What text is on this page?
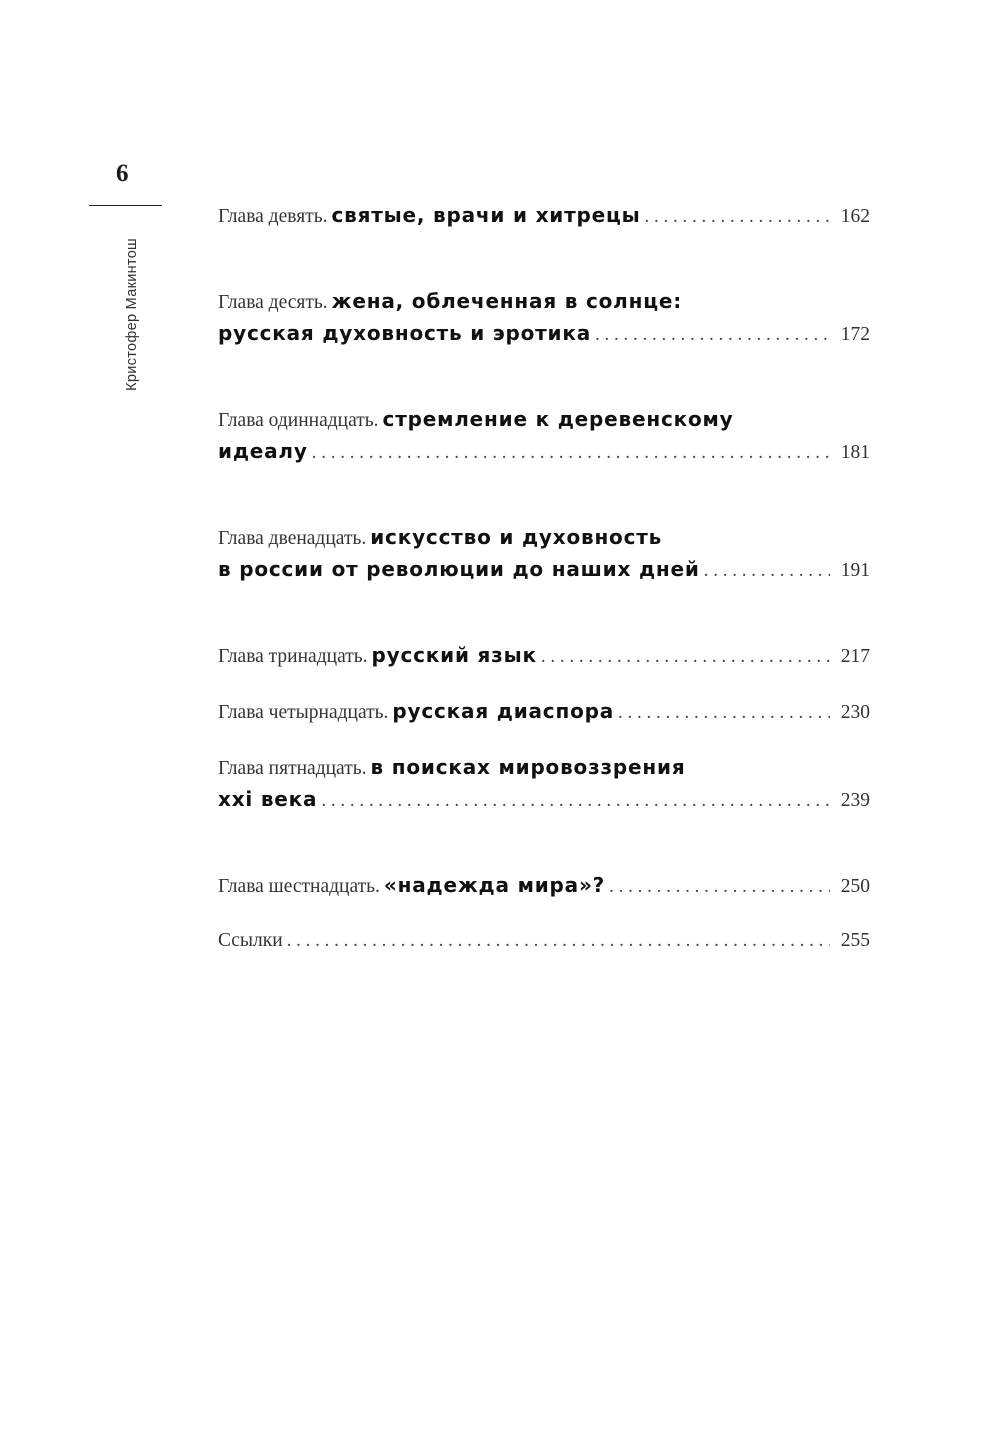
6
Кристофер Макинтош
Глава девять.
святые, врачи и хитрецы . . .	162
Глава десять.
жена, облеченная в солнце:
русская духовность и эротика . . .	172
Глава одиннадцать.
стремление к деревенскому
идеалу . . .	181
Глава двенадцать.
искусство и духовность
в россии от революции до наших дней . . .	191
Глава тринадцать.
русский язык . . .	217
Глава четырнадцать.
русская диаспора . . .	230
Глава пятнадцать.
в поисках мировоззрения
xxi века . . .	239
Глава шестнадцать.
«надежда мира»? . . .	250
Ссылки . . .	255
